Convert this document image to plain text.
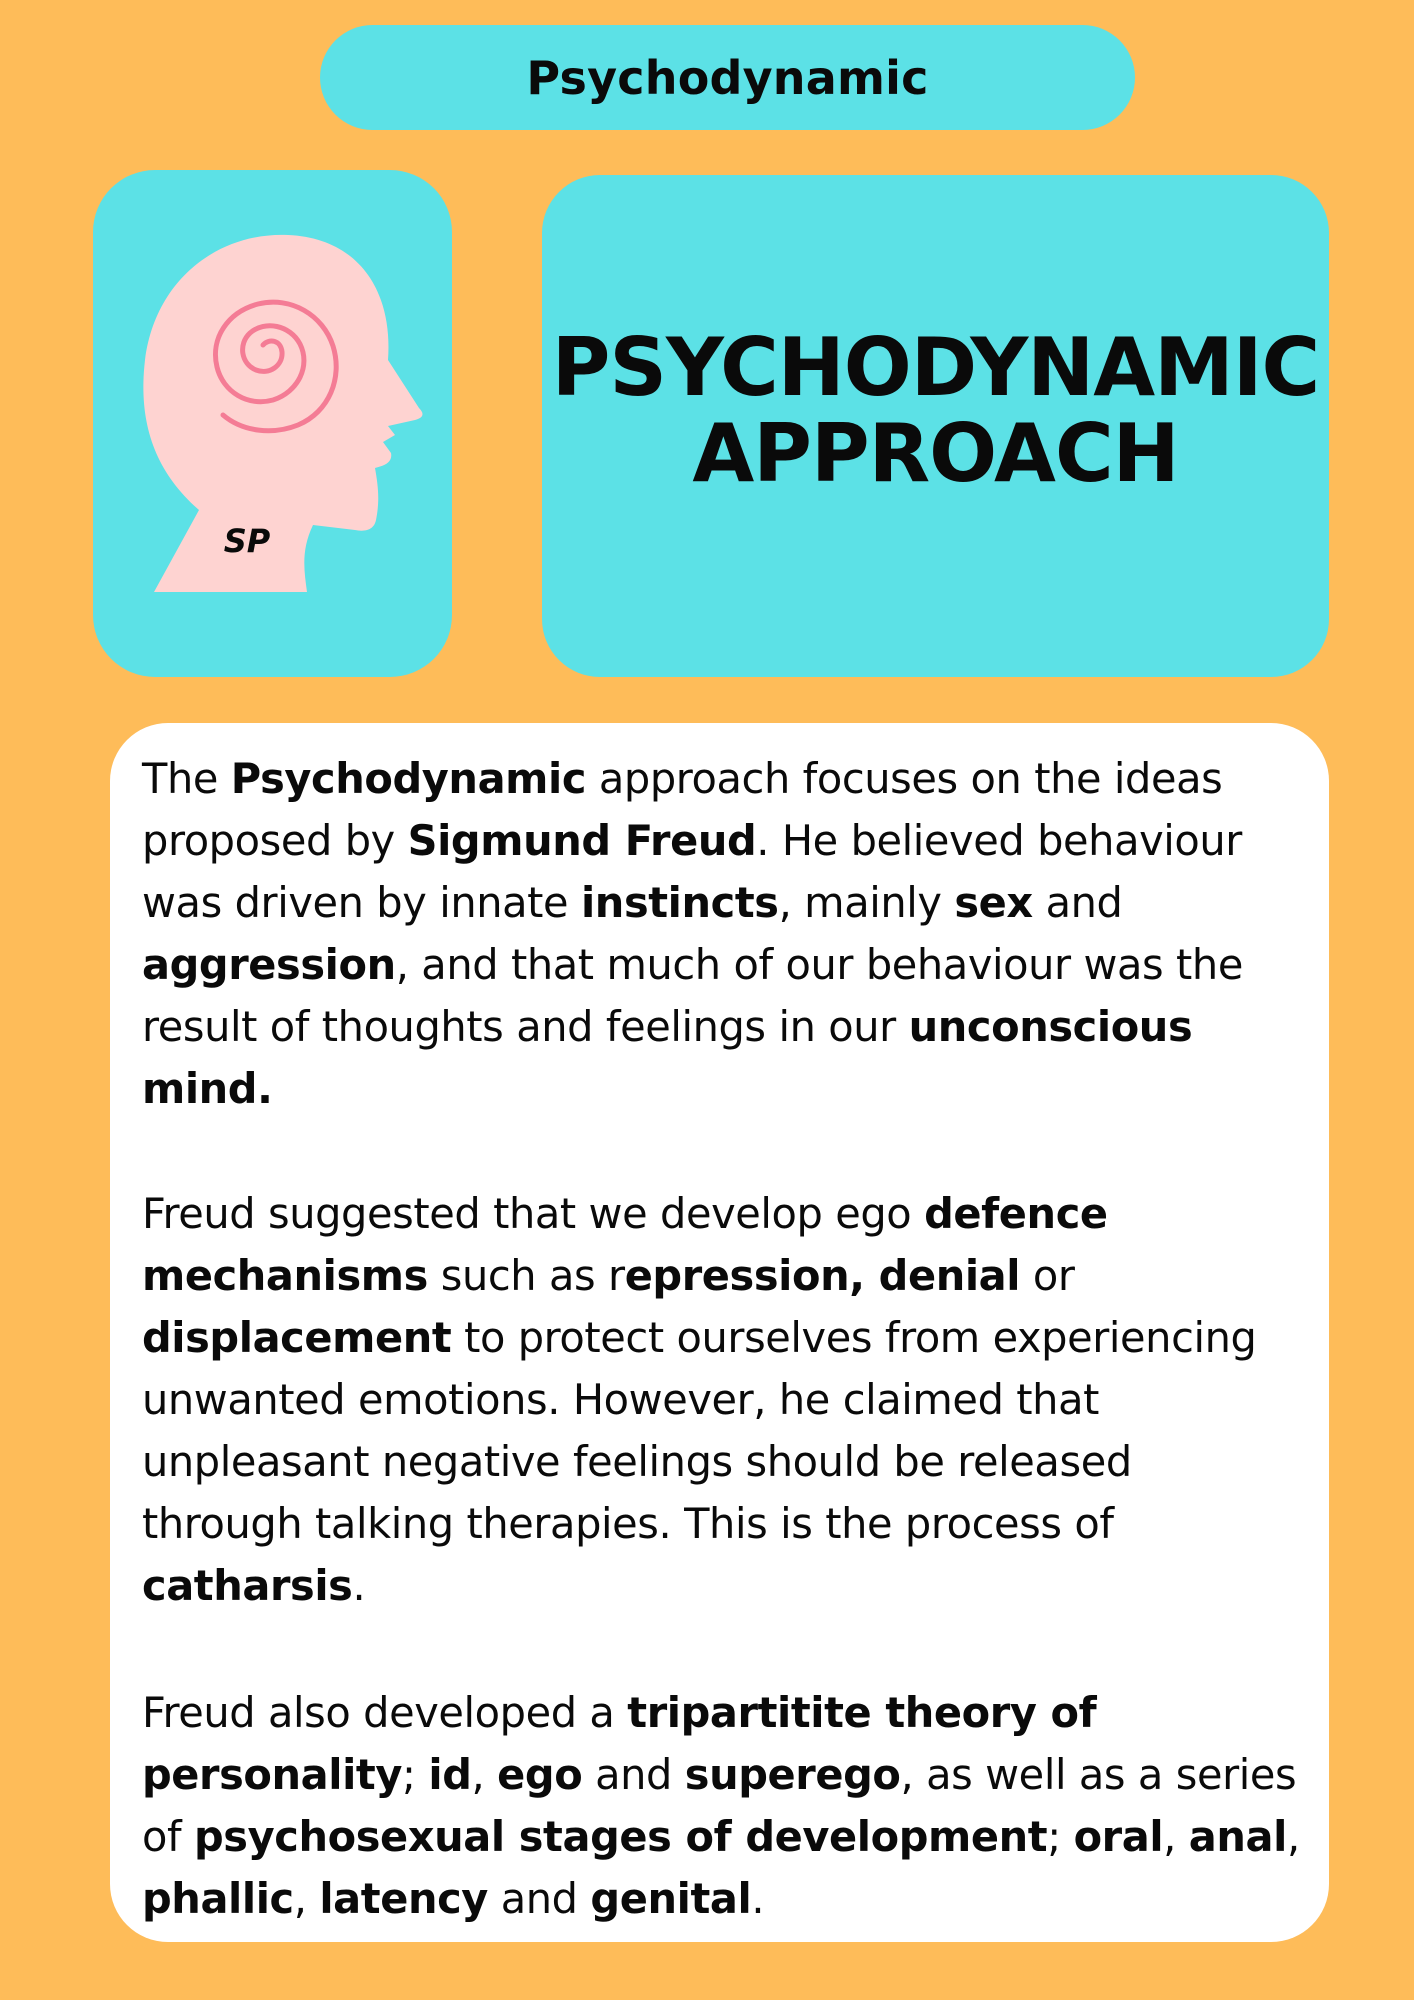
Psychodynamic
SP
PSYCHODYNAMIC
APPROACH
The Psychodynamic approach focuses on the ideas
proposed by Sigmund Freud. He believed behaviour
was driven by innate instincts, mainly sex and
aggression, and that much of our behaviour was the
result of thoughts and feelings in our unconscious
mind.
Freud suggested that we develop ego defence
mechanisms such as repression, denial or
displacement to protect ourselves from experiencing
unwanted emotions. However, he claimed that
unpleasant negative feelings should be released
through talking therapies. This is the process of
catharsis.
Freud also developed a tripartitite theory of
personality; id, ego and superego, as well as a series
of psychosexual stages of development; oral, anal,
phallic, latency and genital.
